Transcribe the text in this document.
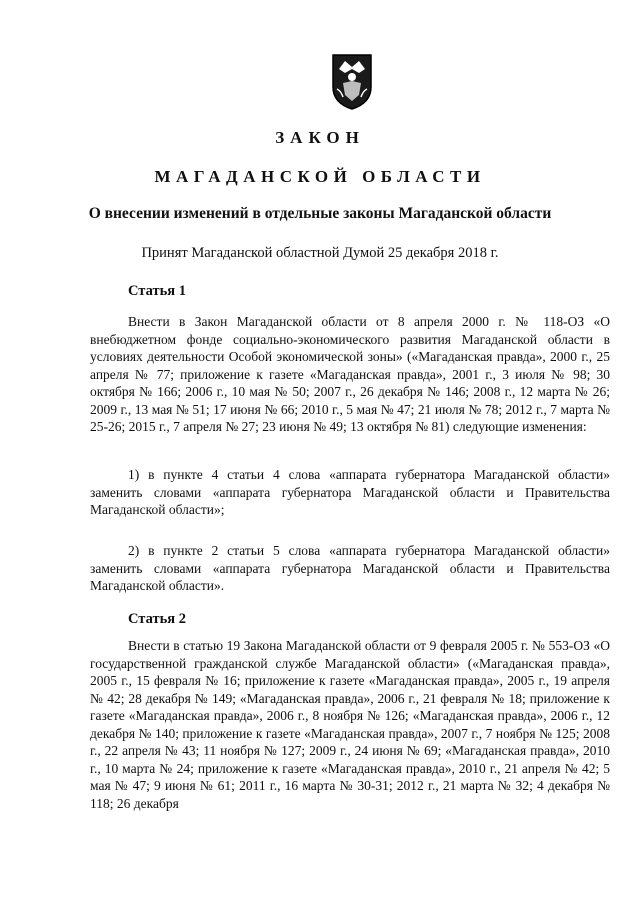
ЗАКОН
МАГАДАНСКОЙ ОБЛАСТИ
О внесении изменений в отдельные законы Магаданской области
Принят Магаданской областной Думой 25 декабря 2018 г.
Статья 1
Внести в Закон Магаданской области от 8 апреля 2000 г. № 118-ОЗ «О внебюджетном фонде социально-экономического развития Магаданской области в условиях деятельности Особой экономической зоны» («Магаданская правда», 2000 г., 25 апреля № 77; приложение к газете «Магаданская правда», 2001 г., 3 июля № 98; 30 октября № 166; 2006 г., 10 мая № 50; 2007 г., 26 декабря № 146; 2008 г., 12 марта № 26; 2009 г., 13 мая № 51; 17 июня № 66; 2010 г., 5 мая № 47; 21 июля № 78; 2012 г., 7 марта № 25-26; 2015 г., 7 апреля № 27; 23 июня № 49; 13 октября № 81) следующие изменения:
1) в пункте 4 статьи 4 слова «аппарата губернатора Магаданской области» заменить словами «аппарата губернатора Магаданской области и Правительства Магаданской области»;
2) в пункте 2 статьи 5 слова «аппарата губернатора Магаданской области» заменить словами «аппарата губернатора Магаданской области и Правительства Магаданской области».
Статья 2
Внести в статью 19 Закона Магаданской области от 9 февраля 2005 г. № 553-ОЗ «О государственной гражданской службе Магаданской области» («Магаданская правда», 2005 г., 15 февраля № 16; приложение к газете «Магаданская правда», 2005 г., 19 апреля № 42; 28 декабря № 149; «Магаданская правда», 2006 г., 21 февраля № 18; приложение к газете «Магаданская правда», 2006 г., 8 ноября № 126; «Магаданская правда», 2006 г., 12 декабря № 140; приложение к газете «Магаданская правда», 2007 г., 7 ноября № 125; 2008 г., 22 апреля № 43; 11 ноября № 127; 2009 г., 24 июня № 69; «Магаданская правда», 2010 г., 10 марта № 24; приложение к газете «Магаданская правда», 2010 г., 21 апреля № 42; 5 мая № 47; 9 июня № 61; 2011 г., 16 марта № 30-31; 2012 г., 21 марта № 32; 4 декабря № 118; 26 декабря
